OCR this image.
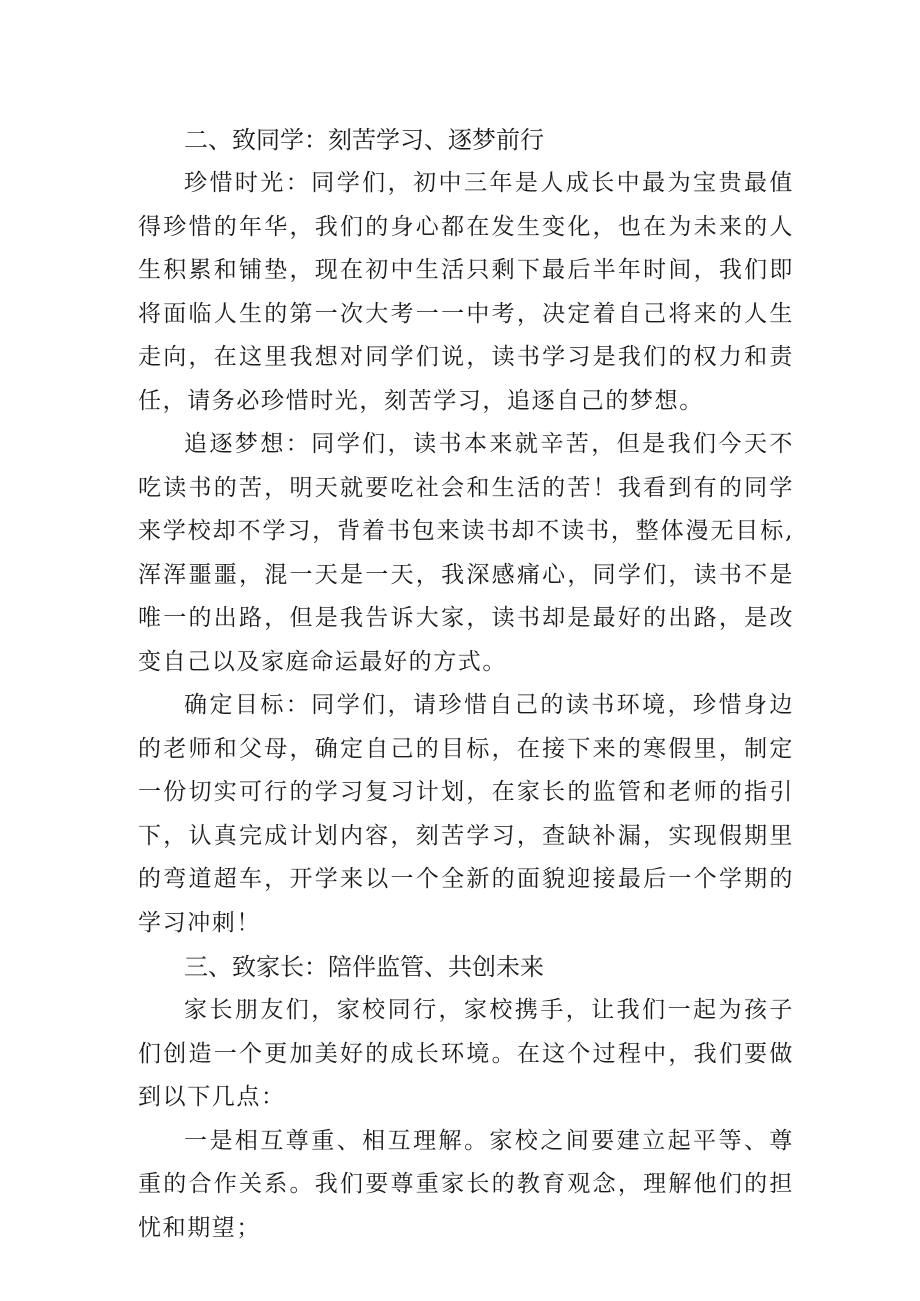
二、致同学：刻苦学习、逐梦前行

珍惜时光：同学们，初中三年是人成长中最为宝贵最值得珍惜的年华，我们的身心都在发生变化，也在为未来的人生积累和铺垫，现在初中生活只剩下最后半年时间，我们即将面临人生的第一次大考一一中考，决定着自己将来的人生走向，在这里我想对同学们说，读书学习是我们的权力和责任，请务必珍惜时光，刻苦学习，追逐自己的梦想。

追逐梦想：同学们，读书本来就辛苦，但是我们今天不吃读书的苦，明天就要吃社会和生活的苦！我看到有的同学来学校却不学习，背着书包来读书却不读书，整体漫无目标,浑浑噩噩，混一天是一天，我深感痛心，同学们，读书不是唯一的出路，但是我告诉大家，读书却是最好的出路，是改变自己以及家庭命运最好的方式。

确定目标：同学们，请珍惜自己的读书环境，珍惜身边的老师和父母，确定自己的目标，在接下来的寒假里，制定一份切实可行的学习复习计划，在家长的监管和老师的指引下，认真完成计划内容，刻苦学习，查缺补漏，实现假期里的弯道超车，开学来以一个全新的面貌迎接最后一个学期的学习冲刺！

三、致家长：陪伴监管、共创未来

家长朋友们，家校同行，家校携手，让我们一起为孩子们创造一个更加美好的成长环境。在这个过程中，我们要做到以下几点：

一是相互尊重、相互理解。家校之间要建立起平等、尊重的合作关系。我们要尊重家长的教育观念，理解他们的担忧和期望；
